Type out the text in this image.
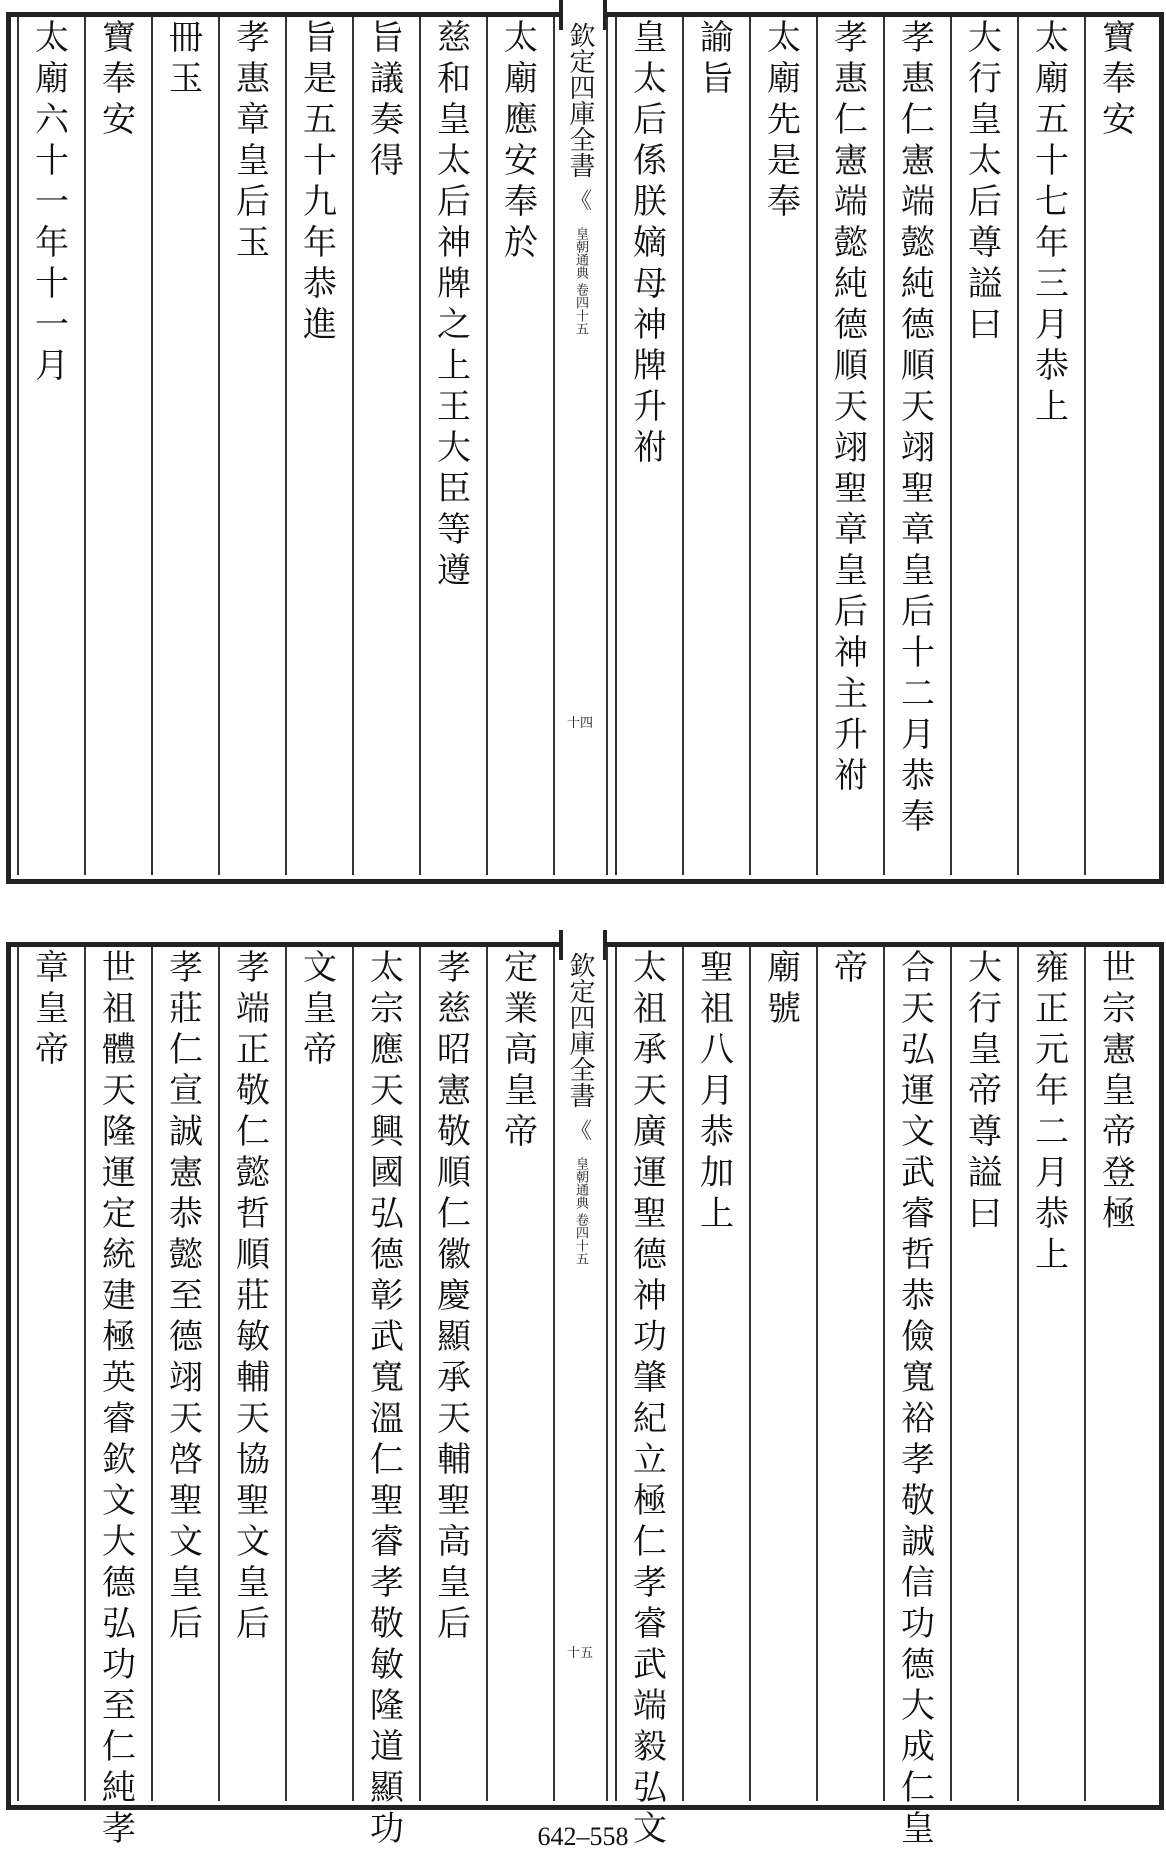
欽定四庫全書
《
皇朝通典 卷四十五
十四
寶
奉
安
太
廟
五
十
七
年
三
月
恭
上
大
行
皇
太
后
尊
謚
曰
孝
惠
仁
憲
端
懿
純
德
順
天
翊
聖
章
皇
后
十
二
月
恭
奉
孝
惠
仁
憲
端
懿
純
德
順
天
翊
聖
章
皇
后
神
主
升
祔
太
廟
先
是
奉
諭
旨
皇
太
后
係
朕
嫡
母
神
牌
升
祔
太
廟
應
安
奉
於
慈
和
皇
太
后
神
牌
之
上
王
大
臣
等
遵
旨
議
奏
得
旨
是
五
十
九
年
恭
進
孝
惠
章
皇
后
玉
冊
玉
寶
奉
安
太
廟
六
十
一
年
十
一
月
欽定四庫全書
《
皇朝通典 卷四十五
十五
世
宗
憲
皇
帝
登
極
雍
正
元
年
二
月
恭
上
大
行
皇
帝
尊
謚
曰
合
天
弘
運
文
武
睿
哲
恭
儉
寬
裕
孝
敬
誠
信
功
德
大
成
仁
皇
帝
廟
號
聖
祖
八
月
恭
加
上
太
祖
承
天
廣
運
聖
德
神
功
肇
紀
立
極
仁
孝
睿
武
端
毅
弘
文
定
業
高
皇
帝
孝
慈
昭
憲
敬
順
仁
徽
慶
顯
承
天
輔
聖
高
皇
后
太
宗
應
天
興
國
弘
德
彰
武
寬
溫
仁
聖
睿
孝
敬
敏
隆
道
顯
功
文
皇
帝
孝
端
正
敬
仁
懿
哲
順
莊
敏
輔
天
協
聖
文
皇
后
孝
莊
仁
宣
誠
憲
恭
懿
至
德
翊
天
啓
聖
文
皇
后
世
祖
體
天
隆
運
定
統
建
極
英
睿
欽
文
大
德
弘
功
至
仁
純
孝
章
皇
帝
642–558
